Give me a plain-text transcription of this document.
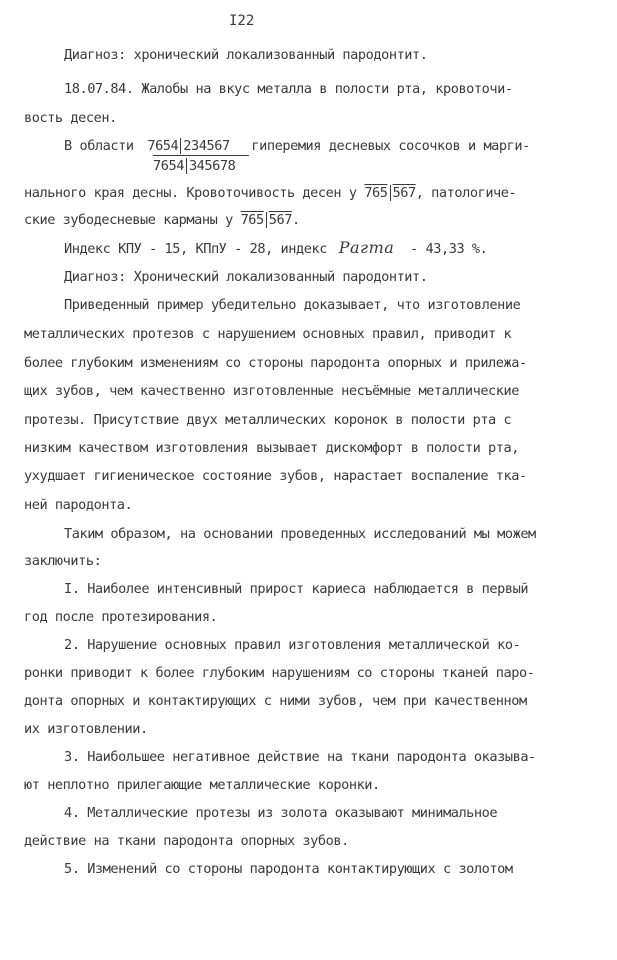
I22
Диагноз: хронический локализованный пародонтит.
18.07.84. Жалобы на вкус металла в полости рта, кровоточи-
вость десен.
В области 7654 234567 гиперемия десневых сосочков и марги-
7654 345678
нального края десны. Кровоточивость десен у 765 567, патологиче-
ские зубодесневые карманы у 765 567.
Индекс КПУ - 15, КПпУ - 28, индекс Рагта - 43,33 %.
Диагноз: Хронический локализованный пародонтит.
Приведенный пример убедительно доказывает, что изготовление
металлических протезов с нарушением основных правил, приводит к
более глубоким изменениям со стороны пародонта опорных и прилежа-
щих зубов, чем качественно изготовленные несъёмные металлические
протезы. Присутствие двух металлических коронок в полости рта с
низким качеством изготовления вызывает дискомфорт в полости рта,
ухудшает гигиеническое состояние зубов, нарастает воспаление ткa-
ней пародонта.
Таким образом, на основании проведенных исследований мы можем
заключить:
I. Наиболее интенсивный прирост кариеса наблюдается в первый
год после протезирования.
2. Нарушение основных правил изготовления металлической ко-
ронки приводит к более глубоким нарушениям со стороны тканей паро-
донта опорных и контактирующих с ними зубов, чем при качественном
их изготовлении.
3. Наибольшее негативное действие на ткани пародонта оказыва-
ют неплотно прилегающие металлические коронки.
4. Металлические протезы из золота оказывают минимальное
действие на ткани пародонта опорных зубов.
5. Изменений со стороны пародонта контактирующих с золотом
